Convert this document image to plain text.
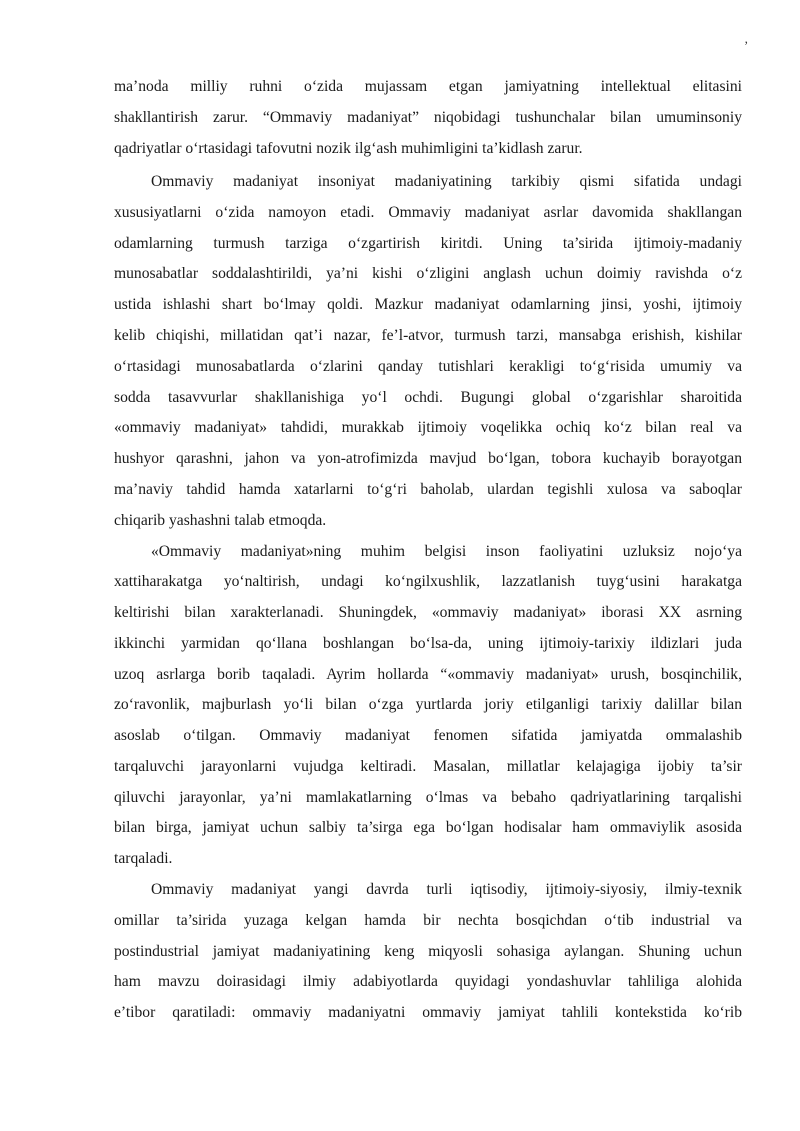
’
ma’noda milliy ruhni o‘zida mujassam etgan jamiyatning intellektual elitasini
shakllantirish zarur. “Ommaviy madaniyat” niqobidagi tushunchalar bilan umuminsoniy
qadriyatlar o‘rtasidagi tafovutni nozik ilg‘ash muhimligini ta’kidlash zarur.
Ommaviy madaniyat insoniyat madaniyatining tarkibiy qismi sifatida undagi
xususiyatlarni o‘zida namoyon etadi. Ommaviy madaniyat asrlar davomida shakllangan
odamlarning turmush tarziga o‘zgartirish kiritdi. Uning ta’sirida ijtimoiy-madaniy
munosabatlar soddalashtirildi, ya’ni kishi o‘zligini anglash uchun doimiy ravishda o‘z
ustida ishlashi shart bo‘lmay qoldi. Mazkur madaniyat odamlarning jinsi, yoshi, ijtimoiy
kelib chiqishi, millatidan qat’i nazar, fe’l-atvor, turmush tarzi, mansabga erishish, kishilar
o‘rtasidagi munosabatlarda o‘zlarini qanday tutishlari kerakligi to‘g‘risida umumiy va
sodda tasavvurlar shakllanishiga yo‘l ochdi. Bugungi global o‘zgarishlar sharoitida
«ommaviy madaniyat» tahdidi, murakkab ijtimoiy voqelikka ochiq ko‘z bilan real va
hushyor qarashni, jahon va yon-atrofimizda mavjud bo‘lgan, tobora kuchayib borayotgan
ma’naviy tahdid hamda xatarlarni to‘g‘ri baholab, ulardan tegishli xulosa va saboqlar
chiqarib yashashni talab etmoqda.
«Ommaviy madaniyat»ning muhim belgisi inson faoliyatini uzluksiz nojo‘ya
xattiharakatga yo‘naltirish, undagi ko‘ngilxushlik, lazzatlanish tuyg‘usini harakatga
keltirishi bilan xarakterlanadi. Shuningdek, «ommaviy madaniyat» iborasi XX asrning
ikkinchi yarmidan qo‘llana boshlangan bo‘lsa-da, uning ijtimoiy-tarixiy ildizlari juda
uzoq asrlarga borib taqaladi. Ayrim hollarda “«ommaviy madaniyat» urush, bosqinchilik,
zo‘ravonlik, majburlash yo‘li bilan o‘zga yurtlarda joriy etilganligi tarixiy dalillar bilan
asoslab o‘tilgan. Ommaviy madaniyat fenomen sifatida jamiyatda ommalashib
tarqaluvchi jarayonlarni vujudga keltiradi. Masalan, millatlar kelajagiga ijobiy ta’sir
qiluvchi jarayonlar, ya’ni mamlakatlarning o‘lmas va bebaho qadriyatlarining tarqalishi
bilan birga, jamiyat uchun salbiy ta’sirga ega bo‘lgan hodisalar ham ommaviylik asosida
tarqaladi.
Ommaviy madaniyat yangi davrda turli iqtisodiy, ijtimoiy-siyosiy, ilmiy-texnik
omillar ta’sirida yuzaga kelgan hamda bir nechta bosqichdan o‘tib industrial va
postindustrial jamiyat madaniyatining keng miqyosli sohasiga aylangan. Shuning uchun
ham mavzu doirasidagi ilmiy adabiyotlarda quyidagi yondashuvlar tahliliga alohida
e’tibor qaratiladi: ommaviy madaniyatni ommaviy jamiyat tahlili kontekstida ko‘rib
